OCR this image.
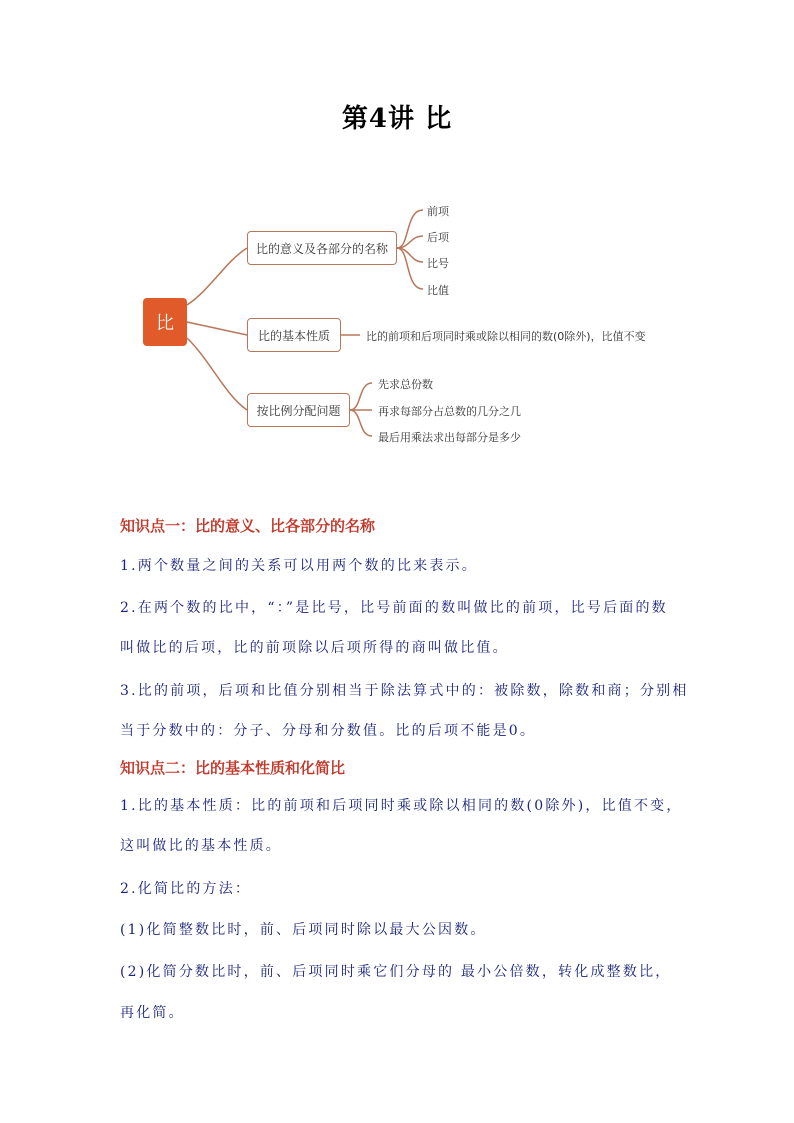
第4讲 比
比
比的意义及各部分的名称
比的基本性质
按比例分配问题
前项
后项
比号
比值
比的前项和后项同时乘或除以相同的数(0除外)，比值不变
先求总份数
再求每部分占总数的几分之几
最后用乘法求出每部分是多少
知识点一：比的意义、比各部分的名称
1.两个数量之间的关系可以用两个数的比来表示。
2.在两个数的比中，“：”是比号，比号前面的数叫做比的前项，比号后面的数
叫做比的后项，比的前项除以后项所得的商叫做比值。
3.比的前项，后项和比值分别相当于除法算式中的：被除数，除数和商；分别相
当于分数中的：分子、分母和分数值。比的后项不能是0。
知识点二：比的基本性质和化简比
1.比的基本性质：比的前项和后项同时乘或除以相同的数(0除外)，比值不变，
这叫做比的基本性质。
2.化简比的方法：
(1)化简整数比时，前、后项同时除以最大公因数。
(2)化简分数比时，前、后项同时乘它们分母的 最小公倍数，转化成整数比，
再化简。
